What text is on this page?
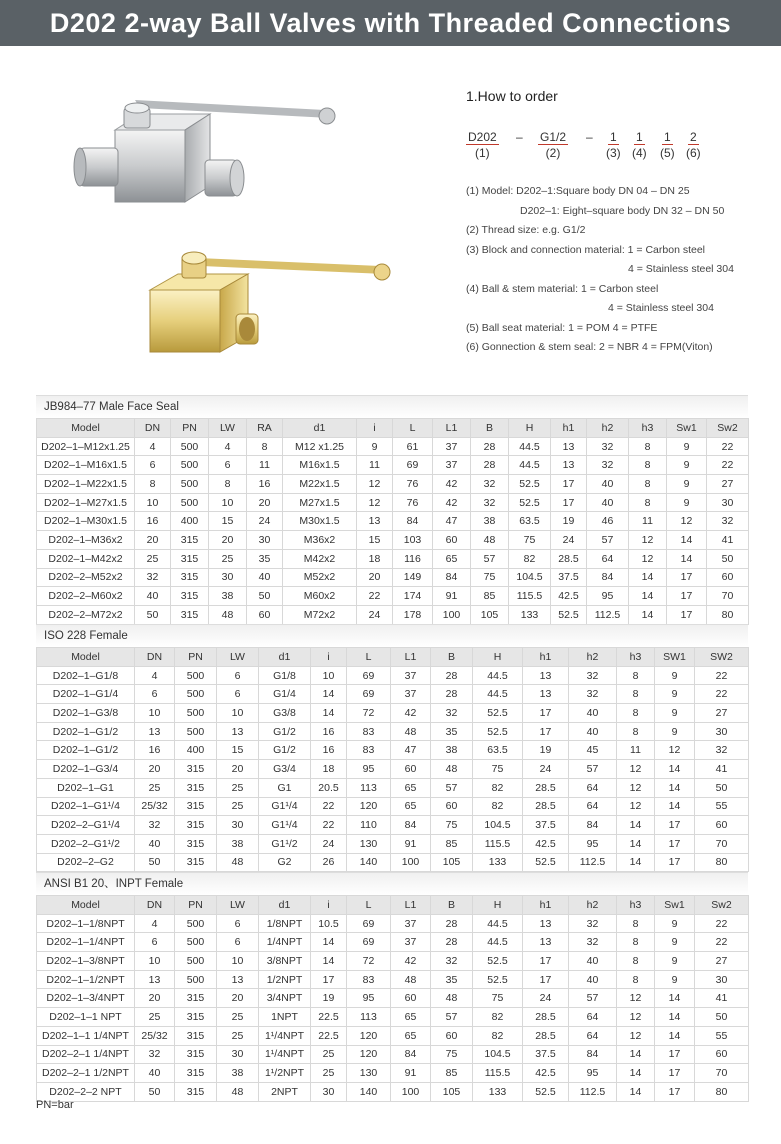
D202 2-way Ball Valves with Threaded Connections
1.How to order
D202
(1)
– G1/2
(2)
–	1
(3)
1
(4)
1
(5)
2
(6)
(1) Model: D202–1:Square body DN 04 – DN 25
D202–1: Eight–square body DN 32 – DN 50
(2) Thread size: e.g. G1/2
(3) Block and connection material: 1 = Carbon steel
4 = Stainless steel 304
(4) Ball & stem material: 1 = Carbon steel
4 = Stainless steel 304
(5) Ball seat material: 1 = POM 4 = PTFE
(6) Gonnection & stem seal: 2 = NBR 4 = FPM(Viton)
JB984–77 Male Face Seal
Model	DN	PN	LW	RA	d1	i	L	L1	B	H	h1	h2	h3	Sw1	Sw2
D202–1–M12x1.25	4	500	4	8	M12 x1.25	9	61	37	28	44.5	13	32	8	9	22
D202–1–M16x1.5	6	500	6	11	M16x1.5	11	69	37	28	44.5	13	32	8	9	22
D202–1–M22x1.5	8	500	8	16	M22x1.5	12	76	42	32	52.5	17	40	8	9	27
D202–1–M27x1.5	10	500	10	20	M27x1.5	12	76	42	32	52.5	17	40	8	9	30
D202–1–M30x1.5	16	400	15	24	M30x1.5	13	84	47	38	63.5	19	46	11	12	32
D202–1–M36x2	20	315	20	30	M36x2	15	103	60	48	75	24	57	12	14	41
D202–1–M42x2	25	315	25	35	M42x2	18	116	65	57	82	28.5	64	12	14	50
D202–2–M52x2	32	315	30	40	M52x2	20	149	84	75	104.5	37.5	84	14	17	60
D202–2–M60x2	40	315	38	50	M60x2	22	174	91	85	115.5	42.5	95	14	17	70
D202–2–M72x2	50	315	48	60	M72x2	24	178	100	105	133	52.5	112.5	14	17	80
ISO 228 Female
Model	DN	PN	LW	d1	i	L	L1	B	H	h1	h2	h3	SW1	SW2
D202–1–G1/8	4	500	6	G1/8	10	69	37	28	44.5	13	32	8	9	22
D202–1–G1/4	6	500	6	G1/4	14	69	37	28	44.5	13	32	8	9	22
D202–1–G3/8	10	500	10	G3/8	14	72	42	32	52.5	17	40	8	9	27
D202–1–G1/2	13	500	13	G1/2	16	83	48	35	52.5	17	40	8	9	30
D202–1–G1/2	16	400	15	G1/2	16	83	47	38	63.5	19	45	11	12	32
D202–1–G3/4	20	315	20	G3/4	18	95	60	48	75	24	57	12	14	41
D202–1–G1	25	315	25	G1	20.5	113	65	57	82	28.5	64	12	14	50
D202–1–G1¹/4	25/32	315	25	G1¹/4	22	120	65	60	82	28.5	64	12	14	55
D202–2–G1¹/4	32	315	30	G1¹/4	22	110	84	75	104.5	37.5	84	14	17	60
D202–2–G1¹/2	40	315	38	G1¹/2	24	130	91	85	115.5	42.5	95	14	17	70
D202–2–G2	50	315	48	G2	26	140	100	105	133	52.5	112.5	14	17	80
ANSI B1 20、INPT Female
Model	DN	PN	LW	d1	i	L	L1	B	H	h1	h2	h3	Sw1	Sw2
D202–1–1/8NPT	4	500	6	1/8NPT	10.5	69	37	28	44.5	13	32	8	9	22
D202–1–1/4NPT	6	500	6	1/4NPT	14	69	37	28	44.5	13	32	8	9	22
D202–1–3/8NPT	10	500	10	3/8NPT	14	72	42	32	52.5	17	40	8	9	27
D202–1–1/2NPT	13	500	13	1/2NPT	17	83	48	35	52.5	17	40	8	9	30
D202–1–3/4NPT	20	315	20	3/4NPT	19	95	60	48	75	24	57	12	14	41
D202–1–1 NPT	25	315	25	1NPT	22.5	113	65	57	82	28.5	64	12	14	50
D202–1–1 1/4NPT	25/32	315	25	1¹/4NPT	22.5	120	65	60	82	28.5	64	12	14	55
D202–2–1 1/4NPT	32	315	30	1¹/4NPT	25	120	84	75	104.5	37.5	84	14	17	60
D202–2–1 1/2NPT	40	315	38	1¹/2NPT	25	130	91	85	115.5	42.5	95	14	17	70
D202–2–2 NPT	50	315	48	2NPT	30	140	100	105	133	52.5	112.5	14	17	80
PN=bar
